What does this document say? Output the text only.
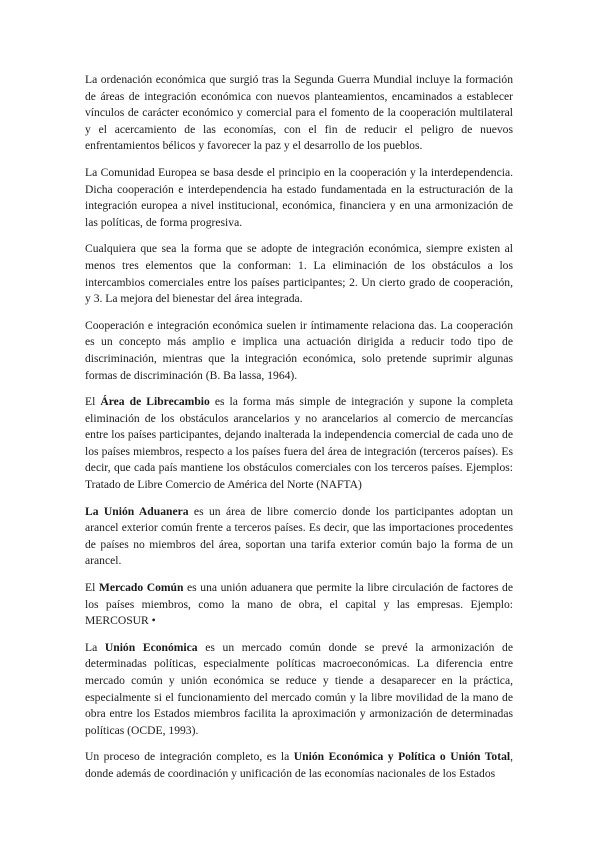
La ordenación económica que surgió tras la Segunda Guerra Mundial incluye la formación de áreas de integración económica con nuevos planteamientos, encaminados a establecer vínculos de carácter económico y comercial para el fomento de la cooperación multilateral y el acercamiento de las economías, con el fin de reducir el peligro de nuevos enfrentamientos bélicos y favorecer la paz y el desarrollo de los pueblos.

La Comunidad Europea se basa desde el principio en la cooperación y la interdependencia. Dicha cooperación e interdependencia ha estado fundamentada en la estructuración de la integración europea a nivel institucional, económica, financiera y en una armonización de las políticas, de forma progresiva.

Cualquiera que sea la forma que se adopte de integración económica, siempre existen al menos tres elementos que la conforman: 1. La eliminación de los obstáculos a los intercambios comerciales entre los países participantes; 2. Un cierto grado de cooperación, y 3. La mejora del bienestar del área integrada.

Cooperación e integración económica suelen ir íntimamente relaciona das. La cooperación es un concepto más amplio e implica una actuación dirigida a reducir todo tipo de discriminación, mientras que la integración económica, solo pretende suprimir algunas formas de discriminación (B. Ba lassa, 1964).

El Área de Librecambio es la forma más simple de integración y supone la completa eliminación de los obstáculos arancelarios y no arancelarios al comercio de mercancías entre los países participantes, dejando inalterada la independencia comercial de cada uno de los países miembros, respecto a los países fuera del área de integración (terceros países). Es decir, que cada país mantiene los obstáculos comerciales con los terceros países. Ejemplos: Tratado de Libre Comercio de América del Norte (NAFTA)

La Unión Aduanera es un área de libre comercio donde los participantes adoptan un arancel exterior común frente a terceros países. Es decir, que las importaciones procedentes de países no miembros del área, soportan una tarifa exterior común bajo la forma de un arancel.

El Mercado Común es una unión aduanera que permite la libre circulación de factores de los países miembros, como la mano de obra, el capital y las empresas. Ejemplo: MERCOSUR •

La Unión Económica es un mercado común donde se prevé la armonización de determinadas políticas, especialmente políticas macroeconómicas. La diferencia entre mercado común y unión económica se reduce y tiende a desaparecer en la práctica, especialmente si el funcionamiento del mercado común y la libre movilidad de la mano de obra entre los Estados miembros facilita la aproximación y armonización de determinadas políticas (OCDE, 1993).

Un proceso de integración completo, es la Unión Económica y Política o Unión Total, donde además de coordinación y unificación de las economías nacionales de los Estados
